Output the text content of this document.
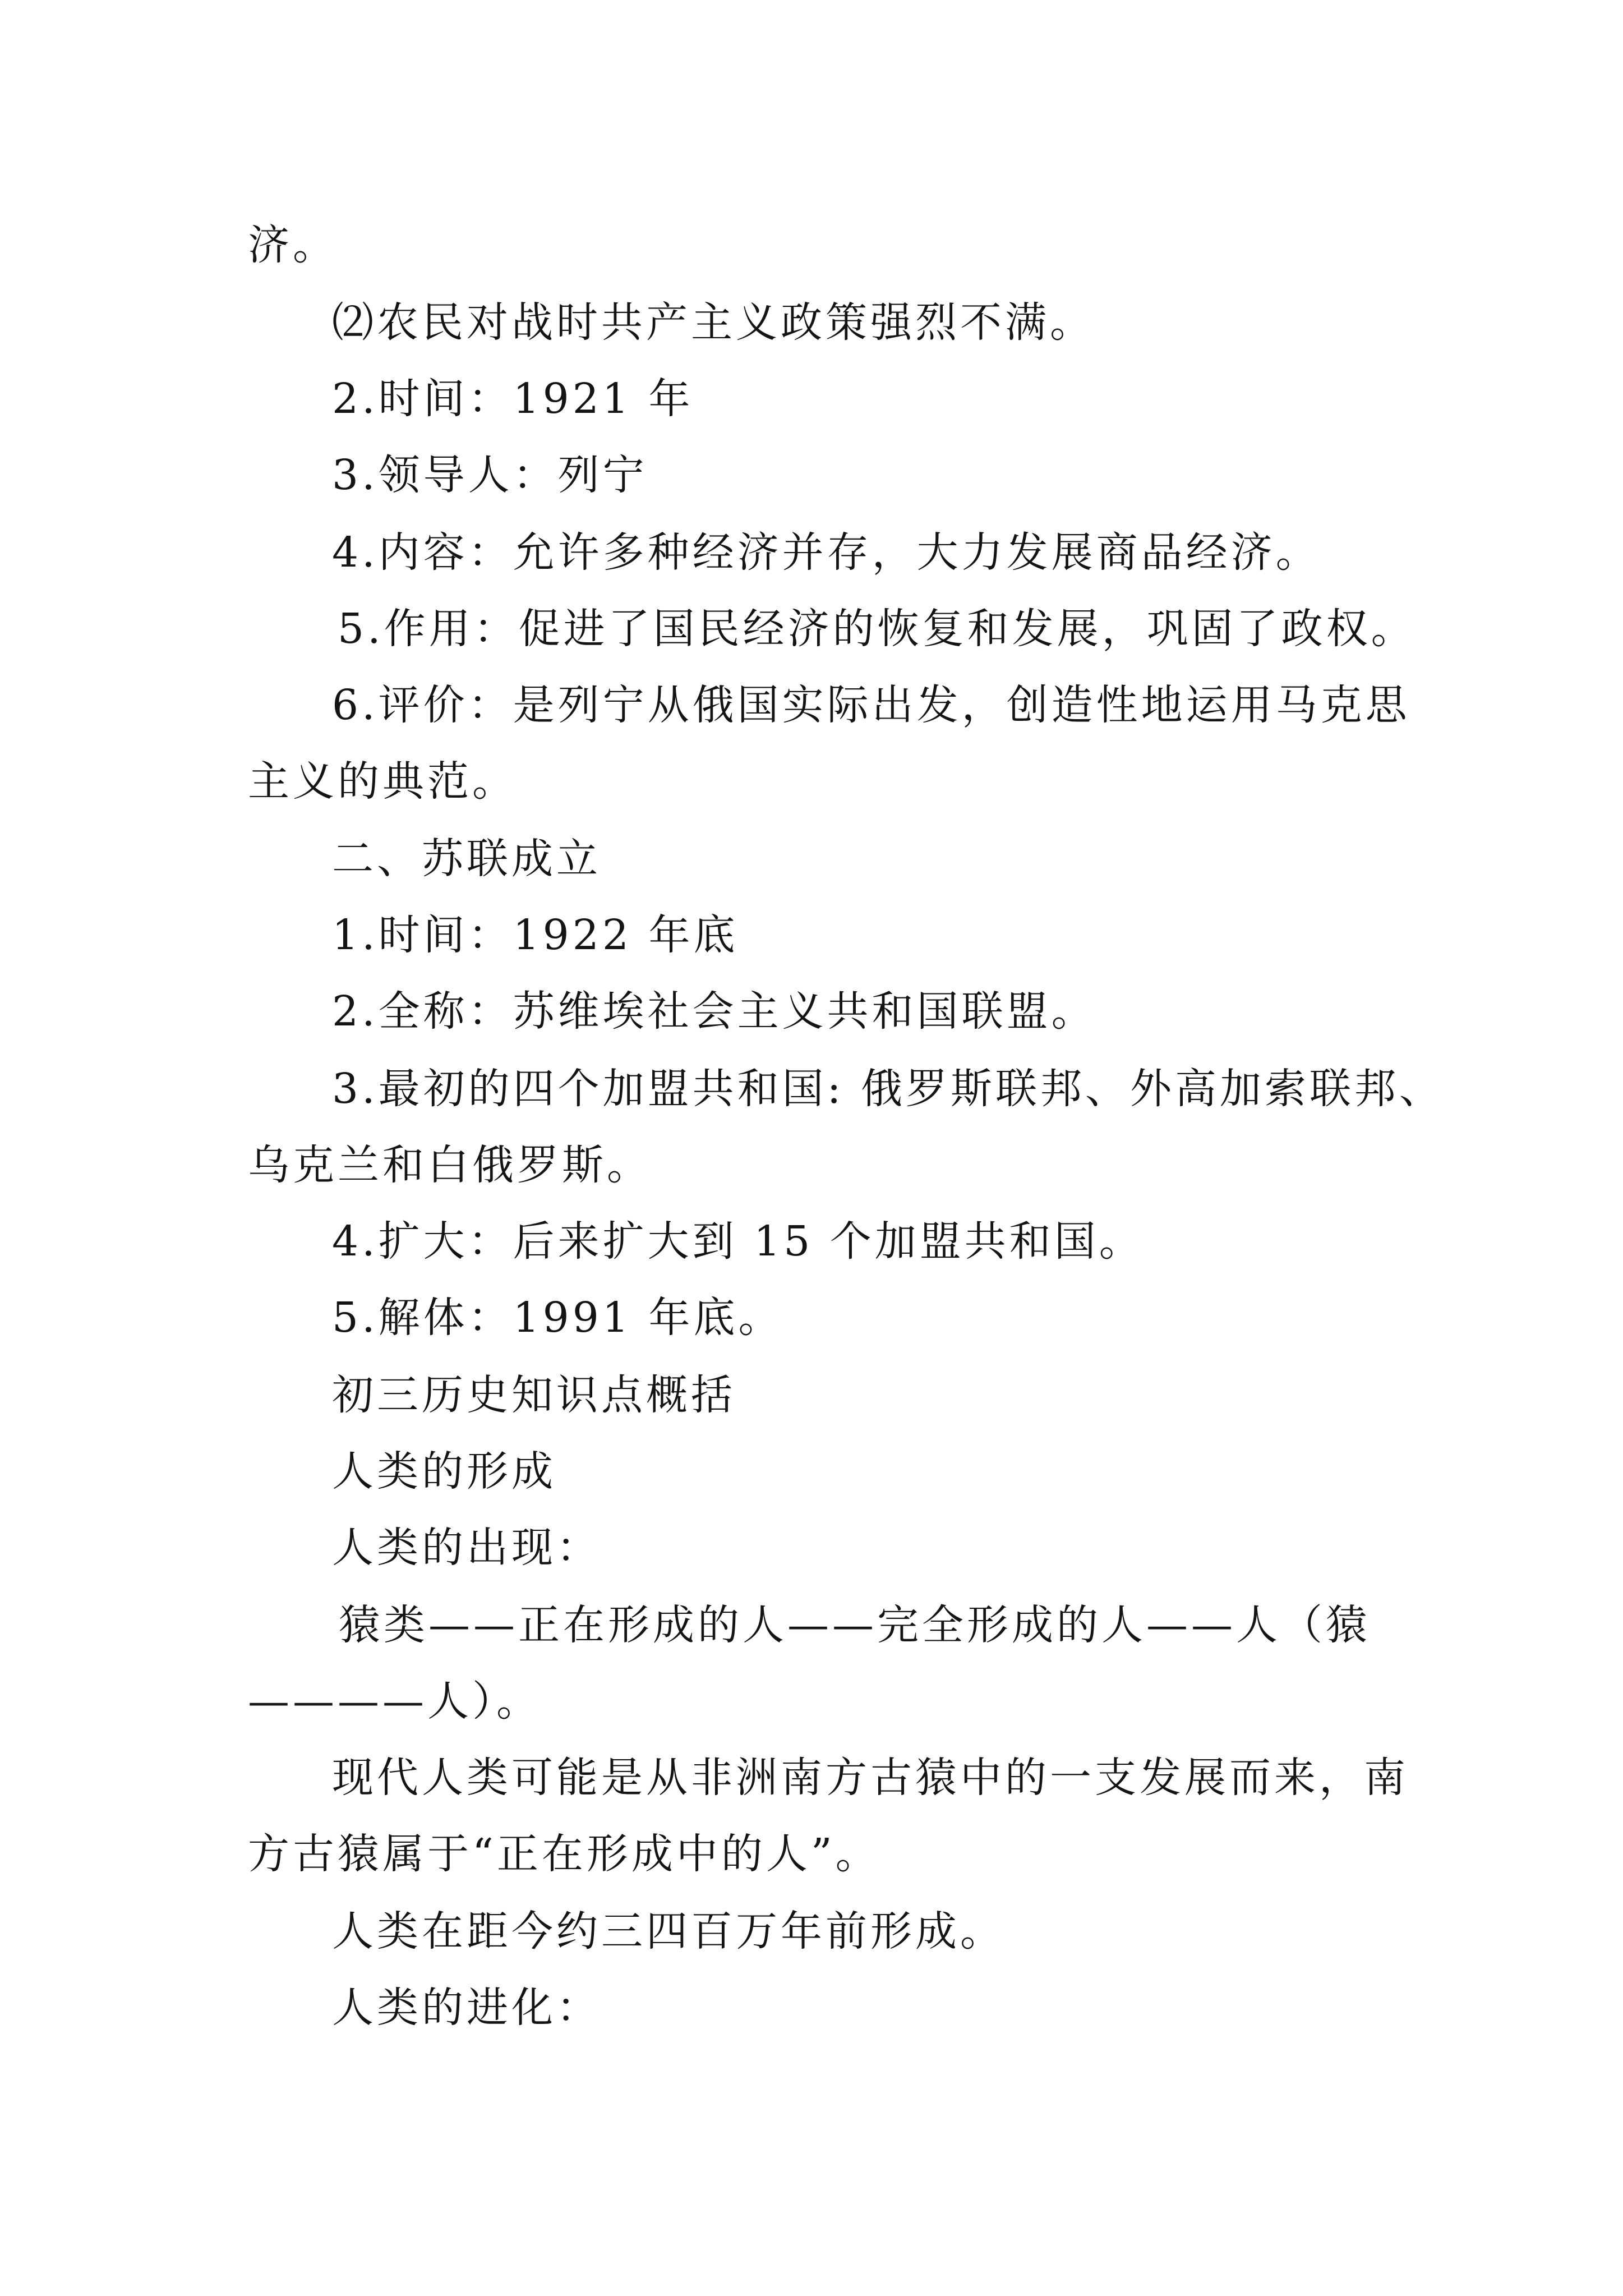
济。
⑵农民对战时共产主义政策强烈不满。
2.时间：1921 年
3.领导人：列宁
4.内容：允许多种经济并存，大力发展商品经济。
5.作用：促进了国民经济的恢复和发展，巩固了政权。
6.评价：是列宁从俄国实际出发，创造性地运用马克思
主义的典范。
二、苏联成立
1.时间：1922 年底
2.全称：苏维埃社会主义共和国联盟。
3.最初的四个加盟共和国: 俄罗斯联邦、外高加索联邦、
乌克兰和白俄罗斯。
4.扩大：后来扩大到 15 个加盟共和国。
5.解体：1991 年底。
初三历史知识点概括
人类的形成
人类的出现：
猿类——正在形成的人——完全形成的人——人（猿
————人）。
现代人类可能是从非洲南方古猿中的一支发展而来，南
方古猿属于“正在形成中的人”。
人类在距今约三四百万年前形成。
人类的进化：
